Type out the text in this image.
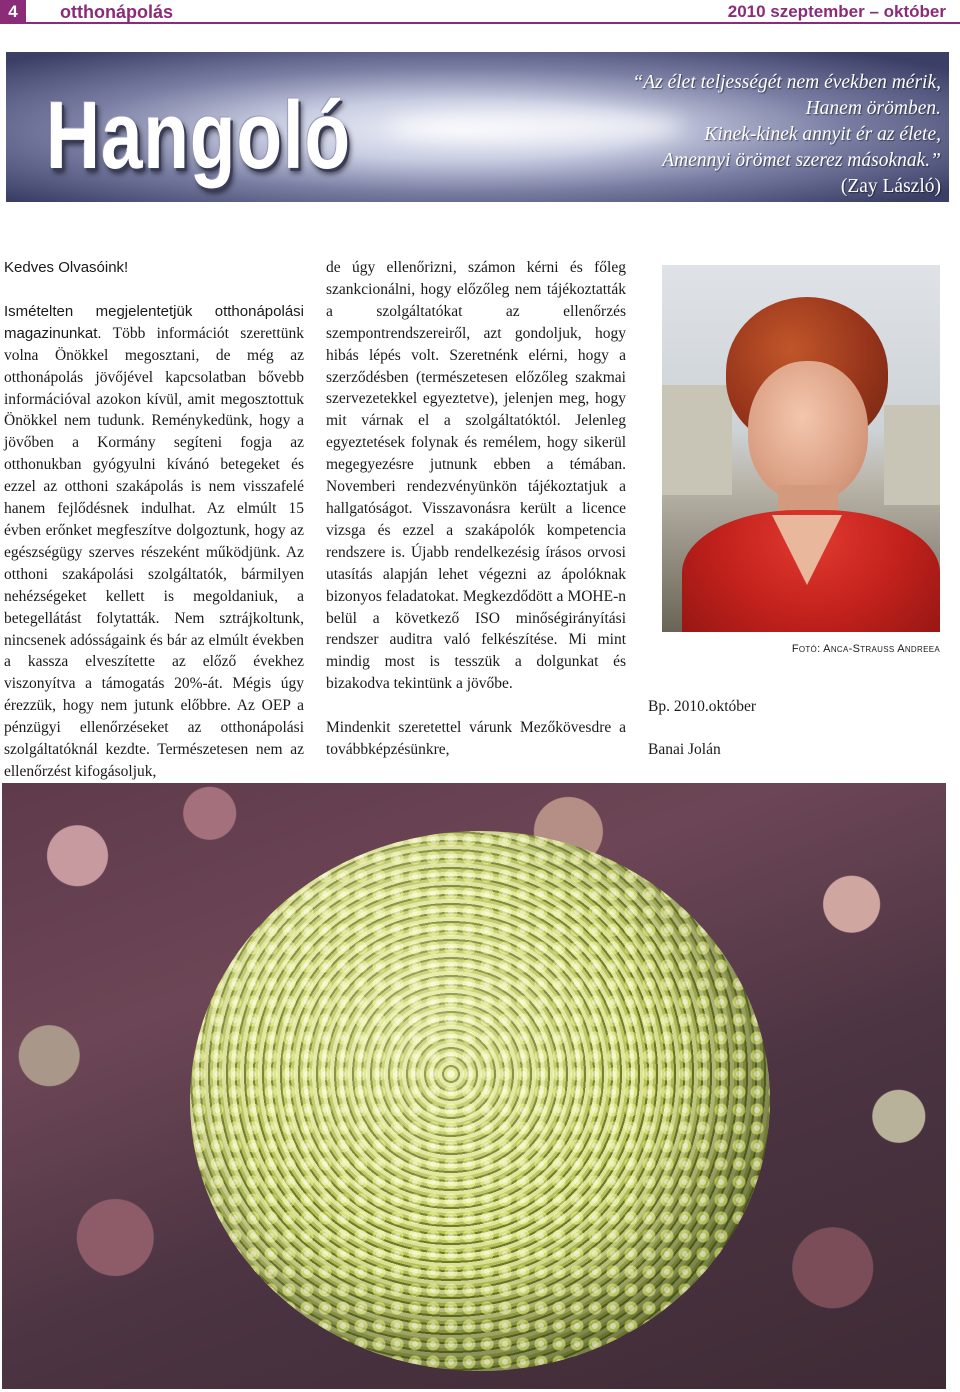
4	otthonápolás	2010 szeptember – október
Hangoló	“Az élet teljességét nem években mérik,
Hanem örömben.
Kinek-kinek annyit ér az élete,
Amennyi örömet szerez másoknak.”
(Zay László)

Kedves Olvasóink!

Ismételten megjelentetjük otthonápolási magazinunkat. Több információt szerettünk volna Önökkel megosztani, de még az otthonápolás jövőjével kapcsolatban bővebb információval azokon kívül, amit megosztottuk Önökkel nem tudunk. Reménykedünk, hogy a jövőben a Kormány segíteni fogja az otthonukban gyógyulni kívánó betegeket és ezzel az otthoni szakápolás is nem visszafelé hanem fejlődésnek indulhat. Az elmúlt 15 évben erőnket megfeszítve dolgoztunk, hogy az egészségügy szerves részeként működjünk. Az otthoni szakápolási szolgáltatók, bármilyen nehézségeket kellett is megoldaniuk, a betegellátást folytatták. Nem sztrájkoltunk, nincsenek adósságaink és bár az elmúlt években a kassza elveszítette az előző évekhez viszonyítva a támogatás 20%-át. Mégis úgy érezzük, hogy nem jutunk előbbre. Az OEP a pénzügyi ellenőrzéseket az otthonápolási szolgáltatóknál kezdte. Természetesen nem az ellenőrzést kifogásoljuk,

de úgy ellenőrizni, számon kérni és főleg szankcionálni, hogy előzőleg nem tájékoztatták a szolgáltatókat az ellenőrzés szempontrendszereiről, azt gondoljuk, hogy hibás lépés volt. Szeretnénk elérni, hogy a szerződésben (természetesen előzőleg szakmai szervezetekkel egyeztetve), jelenjen meg, hogy mit várnak el a szolgáltatóktól. Jelenleg egyeztetések folynak és remélem, hogy sikerül megegyezésre jutnunk ebben a témában. Novemberi rendezvényünkön tájékoztatjuk a hallgatóságot. Visszavonásra került a licence vizsga és ezzel a szakápolók kompetencia rendszere is. Újabb rendelkezésig írásos orvosi utasítás alapján lehet végezni az ápolóknak bizonyos feladatokat. Megkezdődött a MOHE-n belül a következő ISO minőségirányítási rendszer auditra való felkészítése. Mi mint mindig most is tesszük a dolgunkat és bizakodva tekintünk a jövőbe.

Mindenkit szeretettel várunk Mezőkövesdre a továbbképzésünkre,

Fotó: Anca-Strauss Andreea
Bp. 2010.október
Banai Jolán
